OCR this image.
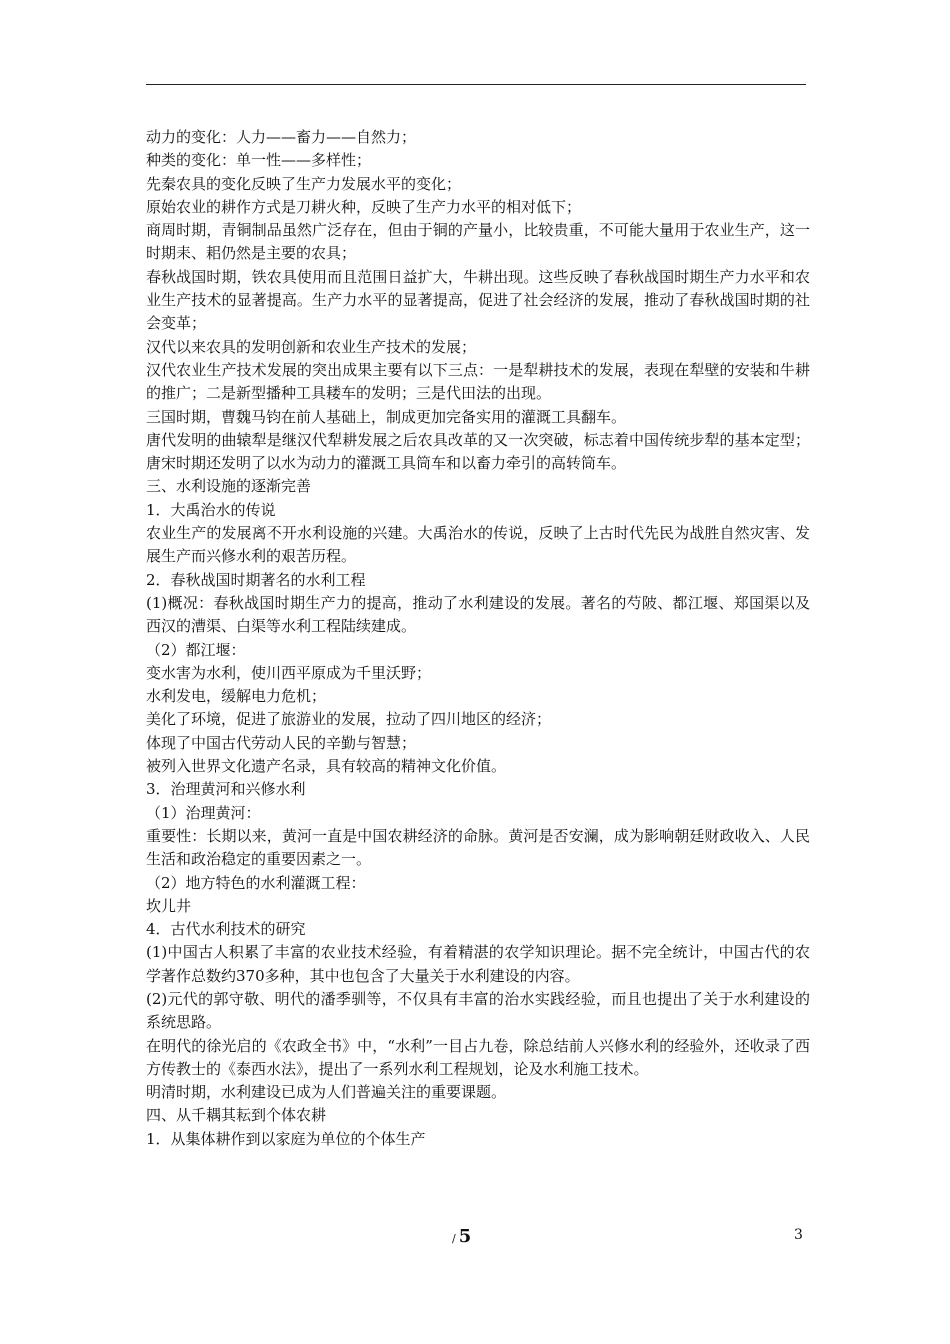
动力的变化：人力——畜力——自然力；

种类的变化：单一性——多样性；

先秦农具的变化反映了生产力发展水平的变化；

原始农业的耕作方式是刀耕火种，反映了生产力水平的相对低下；

商周时期，青铜制品虽然广泛存在，但由于铜的产量小，比较贵重，不可能大量用于农业生产，这一时期耒、耜仍然是主要的农具；

春秋战国时期，铁农具使用而且范围日益扩大，牛耕出现。这些反映了春秋战国时期生产力水平和农业生产技术的显著提高。生产力水平的显著提高，促进了社会经济的发展，推动了春秋战国时期的社会变革；

汉代以来农具的发明创新和农业生产技术的发展；

汉代农业生产技术发展的突出成果主要有以下三点：一是犁耕技术的发展，表现在犁壁的安装和牛耕的推广；二是新型播种工具耧车的发明；三是代田法的出现。

三国时期，曹魏马钧在前人基础上，制成更加完备实用的灌溉工具翻车。

唐代发明的曲辕犁是继汉代犁耕发展之后农具改革的又一次突破，标志着中国传统步犁的基本定型；唐宋时期还发明了以水为动力的灌溉工具筒车和以畜力牵引的高转筒车。

三、水利设施的逐渐完善

1．大禹治水的传说

农业生产的发展离不开水利设施的兴建。大禹治水的传说，反映了上古时代先民为战胜自然灾害、发展生产而兴修水利的艰苦历程。

2．春秋战国时期著名的水利工程

(1)概况：春秋战国时期生产力的提高，推动了水利建设的发展。著名的芍陂、都江堰、郑国渠以及西汉的漕渠、白渠等水利工程陆续建成。

（2）都江堰：

变水害为水利，使川西平原成为千里沃野；

水利发电，缓解电力危机；

美化了环境，促进了旅游业的发展，拉动了四川地区的经济；

体现了中国古代劳动人民的辛勤与智慧；

被列入世界文化遗产名录，具有较高的精神文化价值。

3．治理黄河和兴修水利

（1）治理黄河：

重要性：长期以来，黄河一直是中国农耕经济的命脉。黄河是否安澜，成为影响朝廷财政收入、人民生活和政治稳定的重要因素之一。

（2）地方特色的水利灌溉工程：

坎儿井

4．古代水利技术的研究

(1)中国古人积累了丰富的农业技术经验，有着精湛的农学知识理论。据不完全统计，中国古代的农学著作总数约370多种，其中也包含了大量关于水利建设的内容。

(2)元代的郭守敬、明代的潘季驯等，不仅具有丰富的治水实践经验，而且也提出了关于水利建设的系统思路。

在明代的徐光启的《农政全书》中，“水利”一目占九卷，除总结前人兴修水利的经验外，还收录了西方传教士的《泰西水法》，提出了一系列水利工程规划，论及水利施工技术。

明清时期，水利建设已成为人们普遍关注的重要课题。

四、从千耦其耘到个体农耕

1．从集体耕作到以家庭为单位的个体生产

/ 5	3
